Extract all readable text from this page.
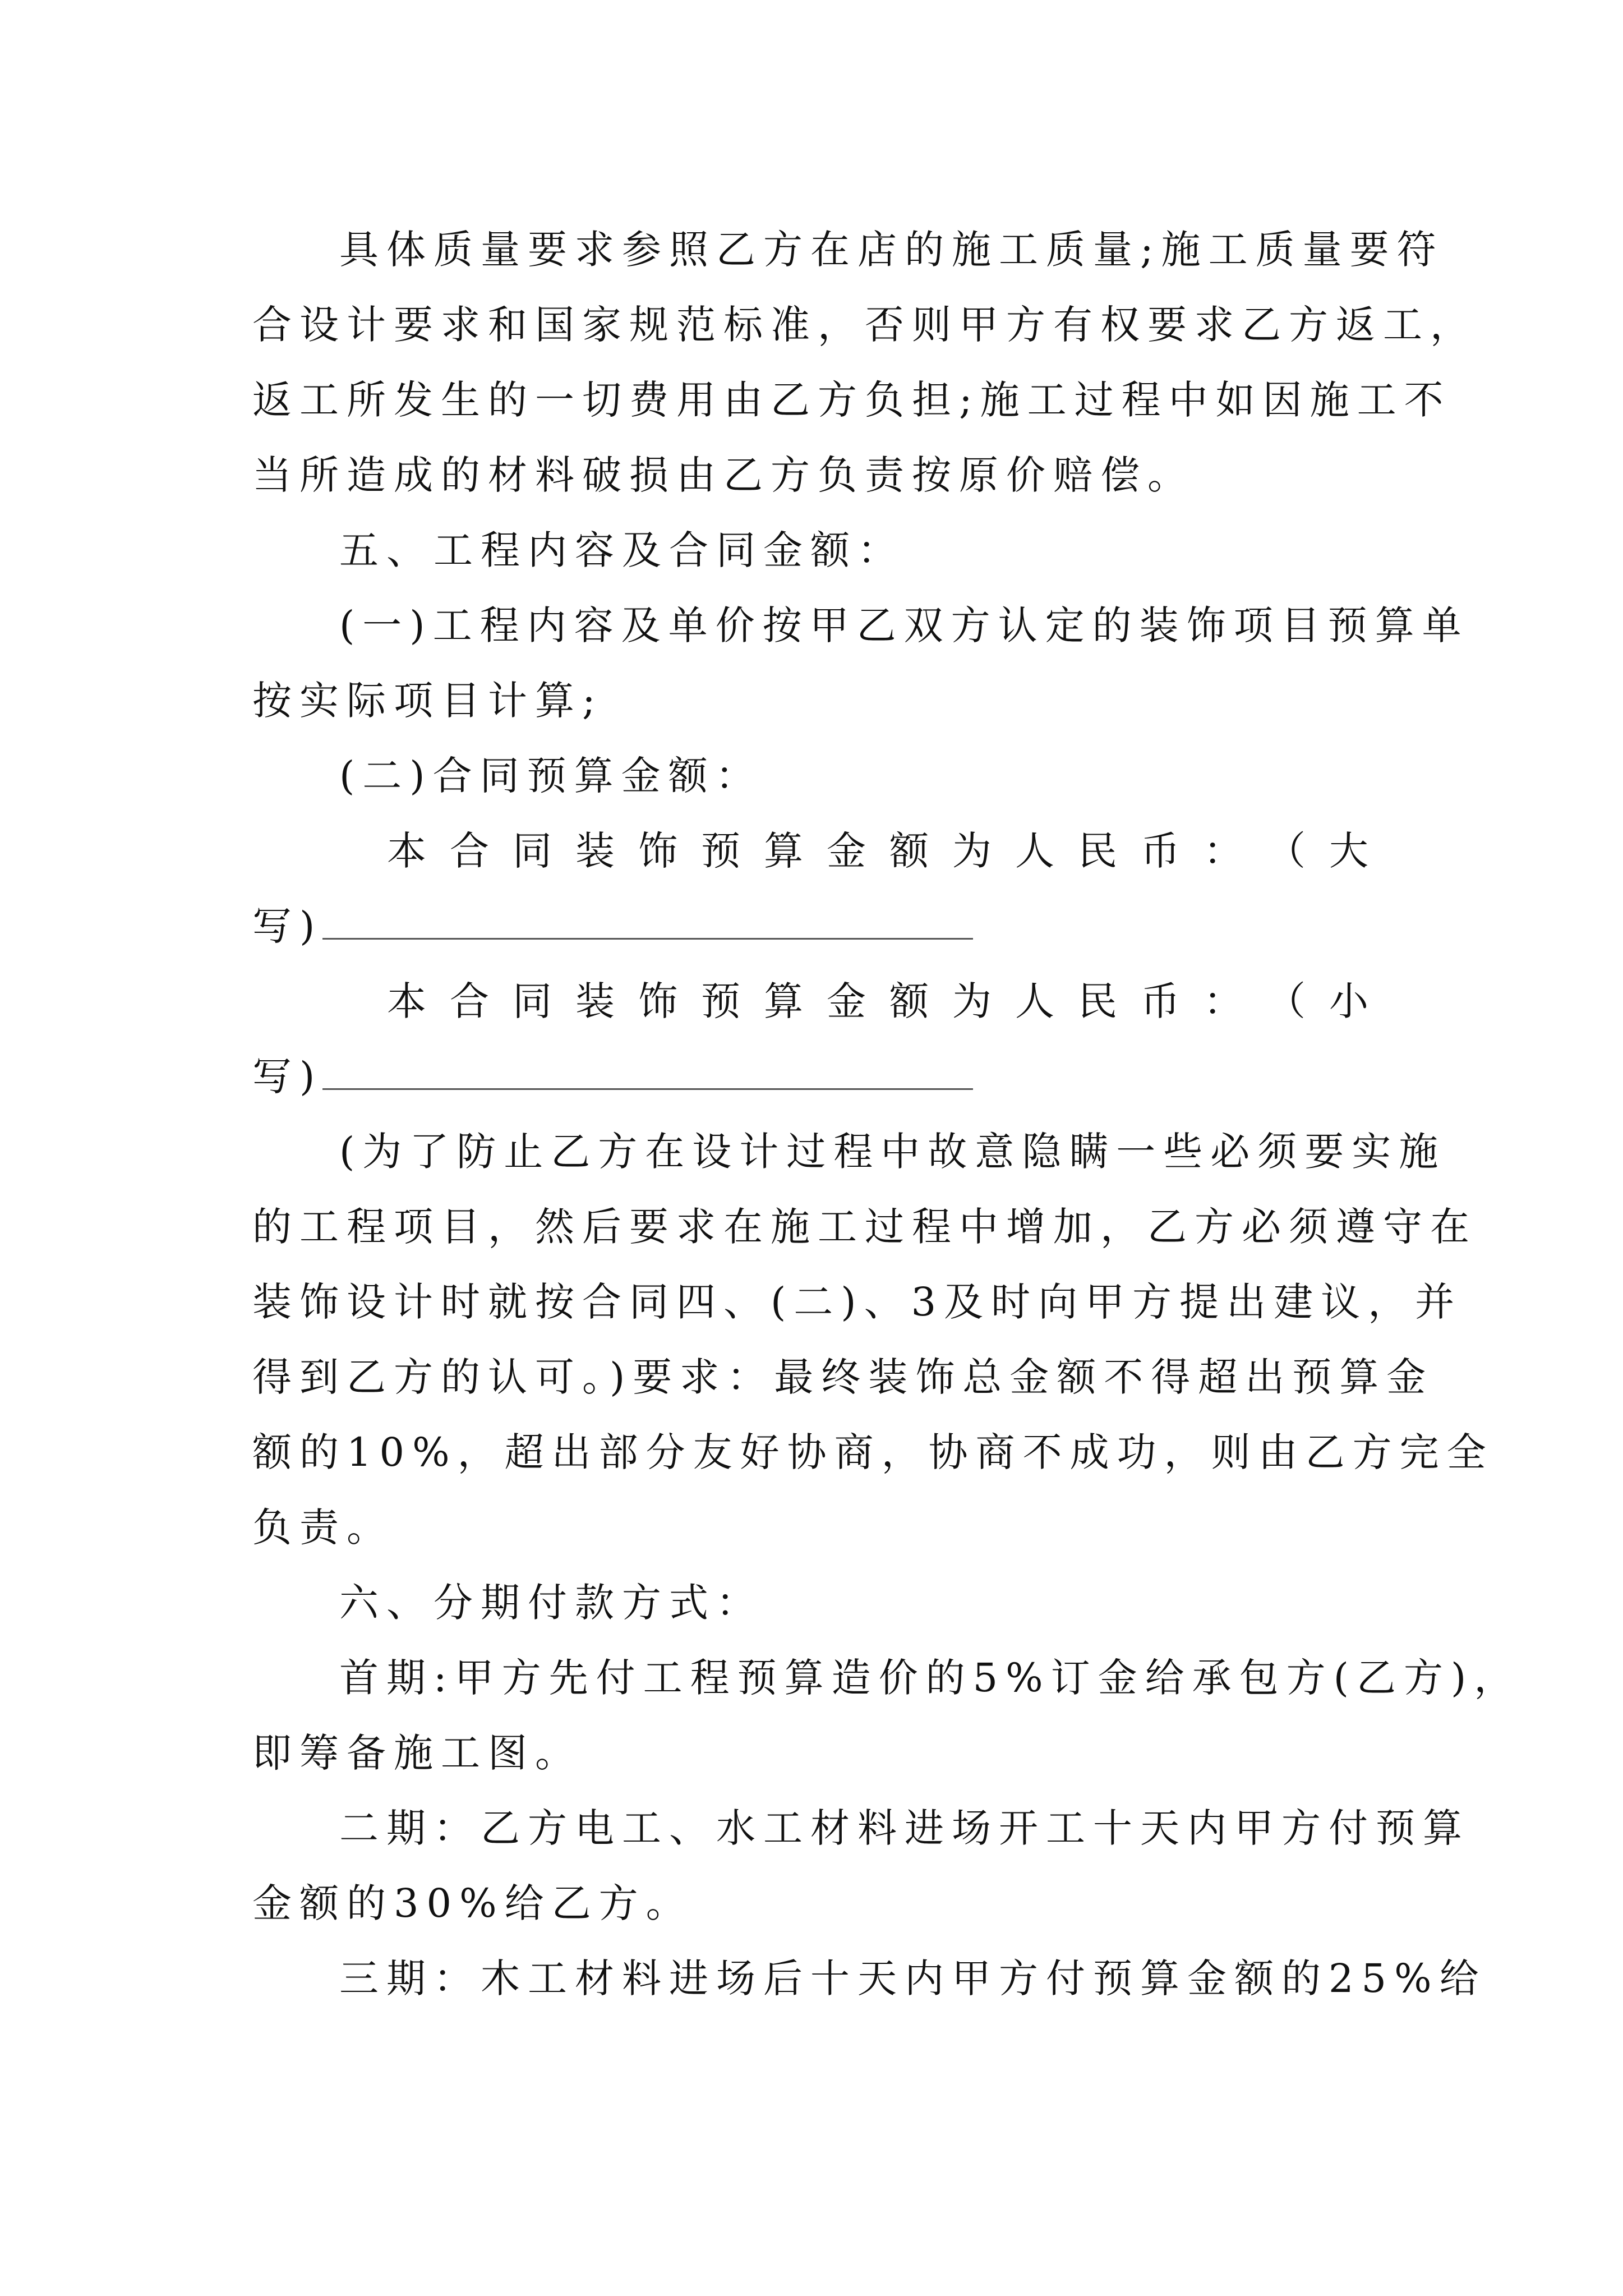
具体质量要求参照乙方在店的施工质量;施工质量要符
合设计要求和国家规范标准，否则甲方有权要求乙方返工，
返工所发生的一切费用由乙方负担;施工过程中如因施工不
当所造成的材料破损由乙方负责按原价赔偿。
五、工程内容及合同金额：
(一)工程内容及单价按甲乙双方认定的装饰项目预算单
按实际项目计算;
(二)合同预算金额：
本 合 同 装 饰 预 算 金 额 为 人 民 币 ： （ 大
写)
本 合 同 装 饰 预 算 金 额 为 人 民 币 ： （ 小
写)
(为了防止乙方在设计过程中故意隐瞒一些必须要实施
的工程项目，然后要求在施工过程中增加，乙方必须遵守在
装饰设计时就按合同四、(二)、3及时向甲方提出建议，并
得到乙方的认可。)要求：最终装饰总金额不得超出预算金
额的10%，超出部分友好协商，协商不成功，则由乙方完全
负责。
六、分期付款方式：
首期:甲方先付工程预算造价的5%订金给承包方(乙方)，
即筹备施工图。
二期：乙方电工、水工材料进场开工十天内甲方付预算
金额的30%给乙方。
三期：木工材料进场后十天内甲方付预算金额的25%给
